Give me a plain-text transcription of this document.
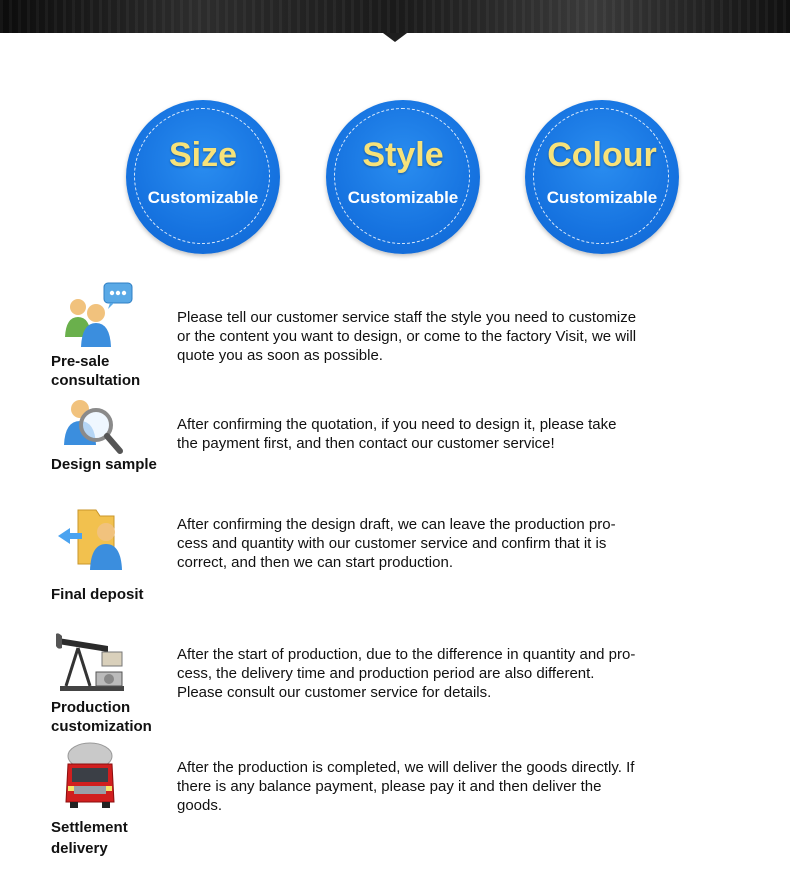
Size
Customizable
Style
Customizable
Colour
Customizable
Pre-sale
consultation
Please tell our customer service staff the style you need to customize
or the content you want to design, or come to the factory Visit, we will
quote you as soon as possible.
Design sample
After confirming the quotation, if you need to design it, please take
the payment first, and then contact our customer service!
Final deposit
After confirming the design draft, we can leave the production pro-
cess and quantity with our customer service and confirm that it is
correct, and then we can start production.
Production
customization
After the start of production, due to the difference in quantity and pro-
cess, the delivery time and production period are also different.
Please consult our customer service for details.
Settlement
delivery
After the production is completed, we will deliver the goods directly. If
there is any balance payment, please pay it and then deliver the
goods.
